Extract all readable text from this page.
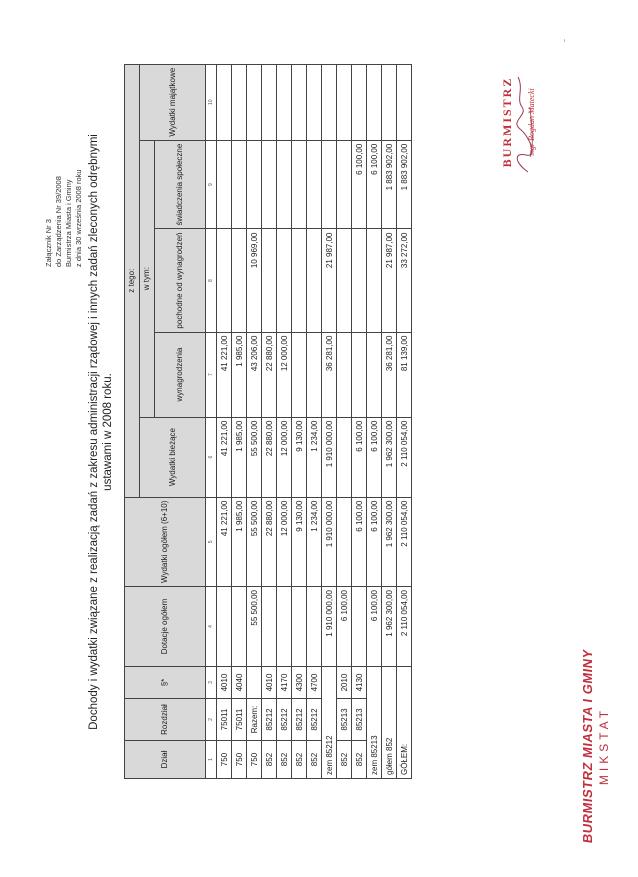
Załącznik Nr 3 do Zarządzenia Nr 39/2008 Burmistrza Miasta i Gminy z dnia 30 września 2008 roku Dochody i wydatki związane z realizacją zadań z zakresu administracji rządowej i innych zadań zleconych odrębnymi ustawami w 2008 roku.
Dział	Rozdział	§*	Dotacje ogółem	Wydatki ogółem (6+10)	z tego:				
					Wydatki bieżące	w tym:			Wydatki majątkowe
						wynagrodzenia	pochodne od wynagrodzeń	świadczenia społeczne	
1	2	3	4	5	6	7	8	9	10
750	75011	4010		41 221,00	41 221,00	41 221,00			
750	75011	4040		1 985,00	1 985,00	1 985,00			
750	Razem:		55 500,00	55 500,00	55 500,00	43 206,00	10 969,00		
852	85212	4010		22 880,00	22 880,00	22 880,00			
852	85212	4170		12 000,00	12 000,00	12 000,00			
852	85212	4300		9 130,00	9 130,00				
852	85212	4700		1 234,00	1 234,00				
zem 85212			1 910 000,00	1 910 000,00	1 910 000,00	36 281,00	21 987,00		
852	85213	2010	6 100,00						
852	85213	4130		6 100,00	6 100,00			6 100,00	
zem 85213			6 100,00	6 100,00	6 100,00			6 100,00	
gółem 852			1 962 300,00	1 962 300,00	1 962 300,00	36 281,00	21 987,00	1 883 902,00	
GÓŁEM:			2 110 054,00	2 110 054,00	2 110 054,00	81 139,00	33 272,00	1 883 902,00	
BURMISTRZ MIASTA I GMINY MIKSTAT
BURMISTRZ mgr Bogdan Matecki
‾
